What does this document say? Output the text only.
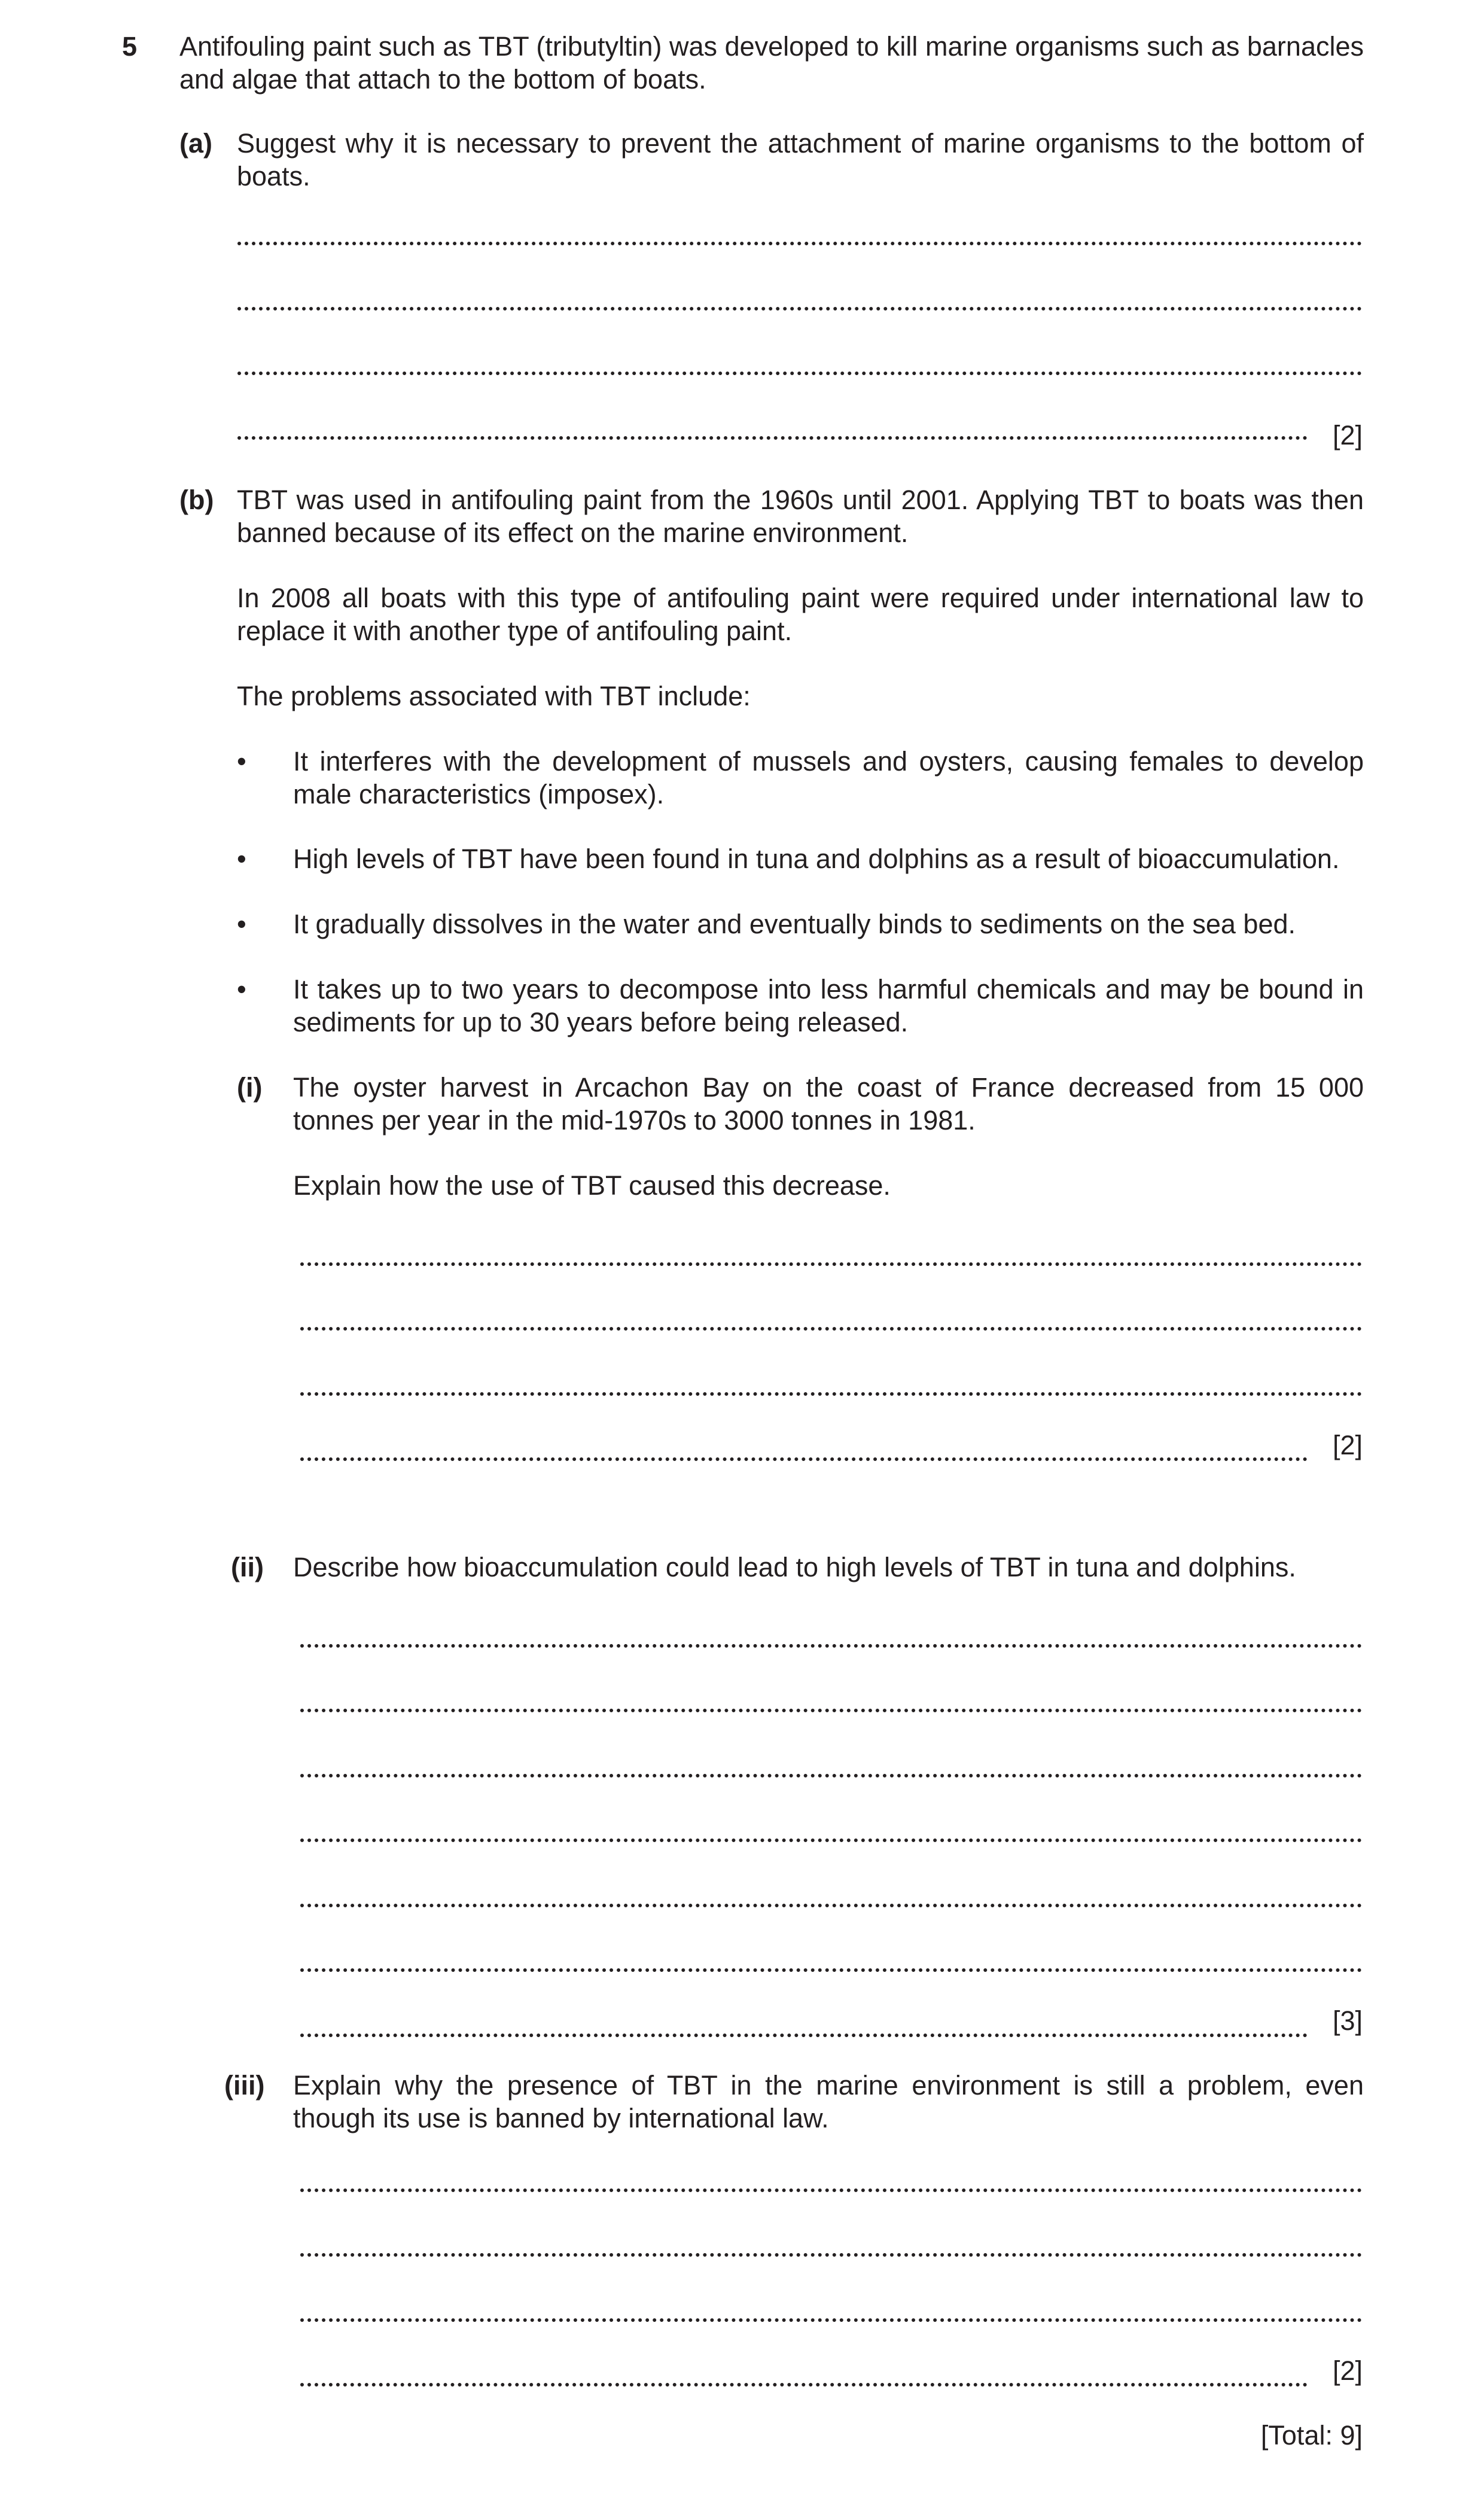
5 Antifouling paint such as TBT (tributyltin) was developed to kill marine organisms such as barnacles and algae that attach to the bottom of boats.
(a) Suggest why it is necessary to prevent the attachment of marine organisms to the bottom of boats.
[2]
(b) TBT was used in antifouling paint from the 1960s until 2001. Applying TBT to boats was then banned because of its effect on the marine environment.
In 2008 all boats with this type of antifouling paint were required under international law to replace it with another type of antifouling paint.
The problems associated with TBT include:
• It interferes with the development of mussels and oysters, causing females to develop male characteristics (imposex).
• High levels of TBT have been found in tuna and dolphins as a result of bioaccumulation.
• It gradually dissolves in the water and eventually binds to sediments on the sea bed.
• It takes up to two years to decompose into less harmful chemicals and may be bound in sediments for up to 30 years before being released.
(i) The oyster harvest in Arcachon Bay on the coast of France decreased from 15 000 tonnes per year in the mid-1970s to 3000 tonnes in 1981.
Explain how the use of TBT caused this decrease.
[2]
(ii) Describe how bioaccumulation could lead to high levels of TBT in tuna and dolphins.
[3]
(iii) Explain why the presence of TBT in the marine environment is still a problem, even though its use is banned by international law.
[2]
[Total: 9]
